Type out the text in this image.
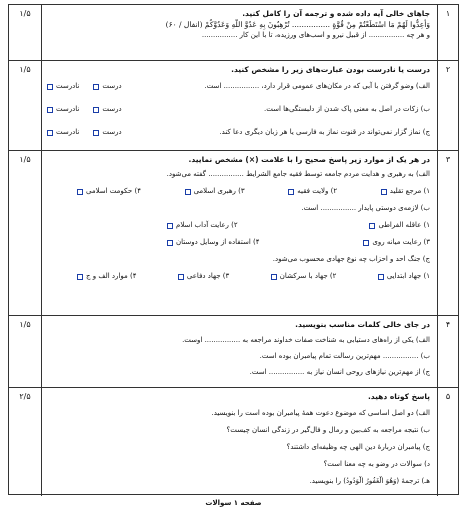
۱
۱/۵	جاهای خالی آیه داده شده و ترجمه آن را کامل کنید.
وَأَعِدُّوا لَهُمْ مَا اسْتَطَعْتُمْ مِنْ قُوَّةٍ ................ تُرْهِبُونَ بِهِ عَدُوَّ اللَّهِ وَعَدُوَّكُمْ (انفال / ۶۰)
و هر چه ................ از قبیل نیرو و اسب‌های ورزیده، تا با این کار ................
۲
۱/۵	درست یا نادرست بودن عبارت‌های زیر را مشخص کنید.
الف) وضو گرفتن با آبی که در مکان‌های عمومی قرار دارد، ................ است.
درست
نادرست
ب) زکات در اصل به معنی پاک شدن از دلبستگی‌ها است.
درست
نادرست
ج) نماز گزار نمی‌تواند در قنوت نماز به فارسی یا هر زبان دیگری دعا کند.
درست
نادرست
۳
۱/۵	در هر یک از موارد زیر پاسخ صحیح را با علامت (×) مشخص نمایید.
الف) به رهبری و هدایت مردم جامعه توسط فقیه جامع الشرایط ................ گفته می‌شود.
۱) مرجع تقلید
۲) ولایت فقیه
۳) رهبری اسلامی
۴) حکومت اسلامی
ب) لازمه‌ی دوستی پایدار ................ است.
۱) عاقله الفراطی
۲) رعایت آداب اسلام
۳) رعایت میانه روی
۴) استفاده از وسایل دوستان
ج) جنگ احد و احزاب چه نوع جهادی محسوب می‌شود.
۱) جهاد ابتدایی
۲) جهاد با سرکشان
۳) جهاد دفاعی
۴) موارد الف و ج
۴
۱/۵	در جای خالی کلمات مناسب بنویسید.
الف) یکی از راه‌های دستیابی به شناخت صفات خداوند مراجعه به ................ اوست.
ب) ................ مهم‌ترین رسالت تمام پیامبران بوده است.
ج) از مهم‌ترین نیازهای روحی انسان نیاز به ................ است.
۵
۲/۵	پاسخ کوتاه دهید.
الف) دو اصل اساسی که موضوع دعوت همهٔ پیامبران بوده است را بنویسید.
ب) نتیجه مراجعه به کف‌بین و رمال و فال‌گیر در زندگی انسان چیست؟
ج) پیامبران دربارهٔ دین الهی چه وظیفه‌ای داشتند؟
د) سوالات در وضو به چه معنا است؟
هـ) ترجمهٔ (وَهُوَ الْغَفُورُ الْوَدُودُ) را بنویسید.
صفحه ۱ سوالات
